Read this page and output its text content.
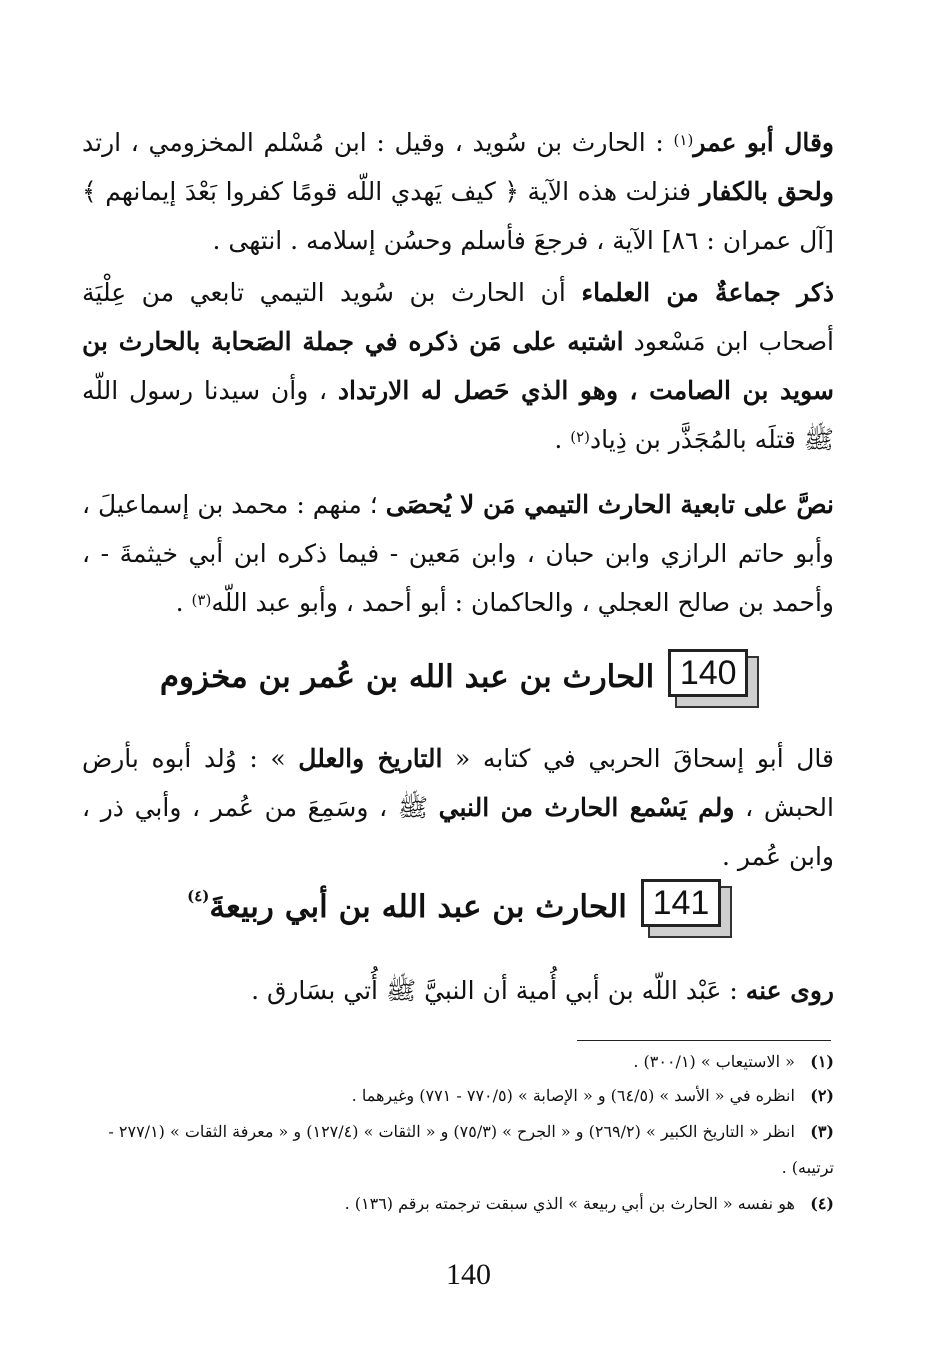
وقال أبو عمر$^{(١)}$ : الحارث بن سُويد ، وقيل : ابن مُسْلم المخزومي ، ارتد ولحق بالكفار فنزلت هذه الآية ﴿ كيف يَهدي اللّه قومًا كفروا بَعْدَ إيمانهم ﴾ [آل عمران : ٨٦] الآية ، فرجعَ فأسلم وحسُن إسلامه . انتهى .

ذكر جماعةٌ من العلماء أن الحارث بن سُويد التيمي تابعي من عِلْيَة أصحاب ابن مَسْعود اشتبه على مَن ذكره في جملة الصَحابة بالحارث بن سويد بن الصامت ، وهو الذي حَصل له الارتداد ، وأن سيدنا رسول اللّه ﷺ قتلَه بالمُجَذَّر بن ذِياد$^{(٢)}$ .

نصَّ على تابعية الحارث التيمي مَن لا يُحصَى ؛ منهم : محمد بن إسماعيلَ ، وأبو حاتم الرازي وابن حبان ، وابن مَعين - فيما ذكره ابن أبي خيثمةَ - ، وأحمد بن صالح العجلي ، والحاكمان : أبو أحمد ، وأبو عبد اللّه$^{(٣)}$ .

140
الحارث بن عبد الله بن عُمر بن مخزوم

قال أبو إسحاقَ الحربي في كتابه « التاريخ والعلل » : وُلد أبوه بأرض الحبش ، ولم يَسْمع الحارث من النبي ﷺ ، وسَمِعَ من عُمر ، وأبي ذر ، وابن عُمر .

141
الحارث بن عبد الله بن أبي ربيعةَ$^{(٤)}$

روى عنه : عَبْد اللّه بن أبي أُمية أن النبيَّ ﷺ أُتي بسَارق .

(١) « الاستيعاب » (٣٠٠/١) .
(٢) انظره في « الأسد » (٦٤/٥) و « الإصابة » (٧٧٠/٥ - ٧٧١) وغيرهما .
(٣) انظر « التاريخ الكبير » (٢٦٩/٢) و « الجرح » (٧٥/٣) و « الثقات » (١٢٧/٤) و « معرفة الثقات » (٢٧٧/١ - ترتيبه) .
(٤) هو نفسه « الحارث بن أبي ربيعة » الذي سبقت ترجمته برقم (١٣٦) .
140
